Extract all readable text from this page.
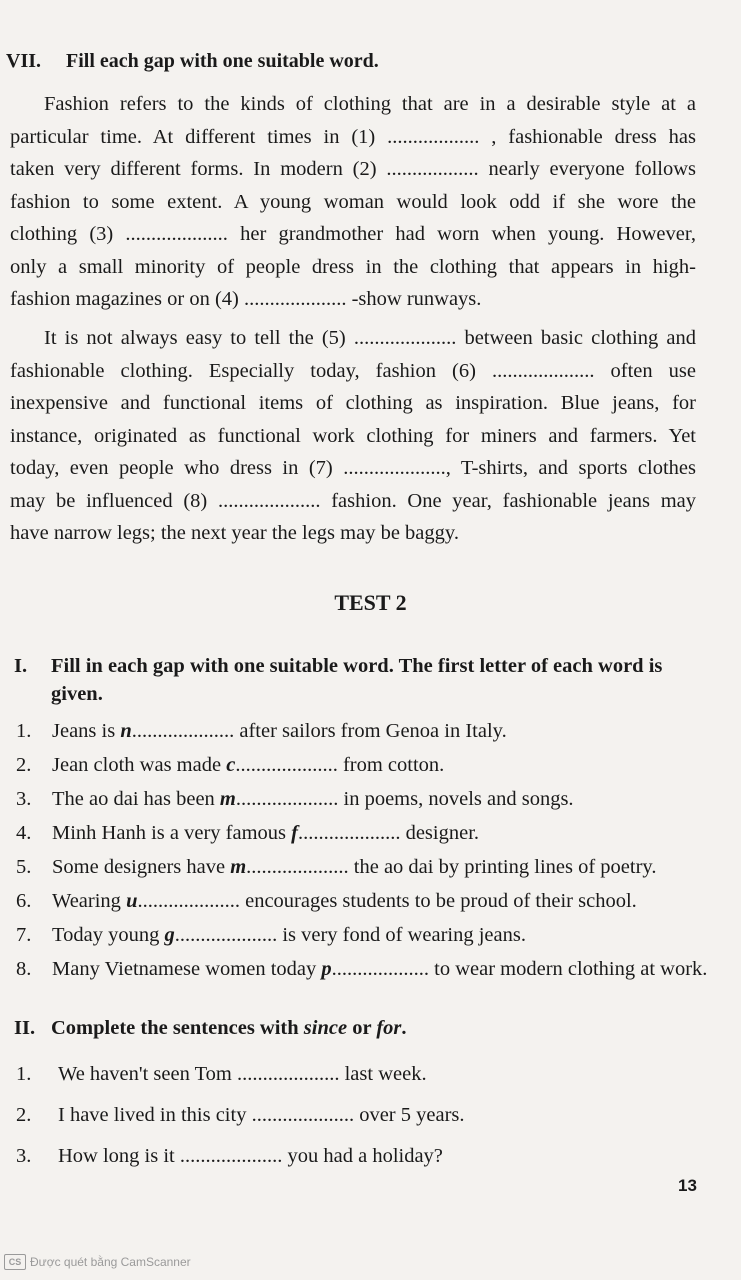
VII. Fill each gap with one suitable word.
Fashion refers to the kinds of clothing that are in a desirable style at a
particular time. At different times in (1) .................. , fashionable dress has
taken very different forms. In modern (2) .................. nearly everyone follows
fashion to some extent. A young woman would look odd if she wore the
clothing (3) .................... her grandmother had worn when young. However,
only a small minority of people dress in the clothing that appears in high-
fashion magazines or on (4) .................... -show runways.
It is not always easy to tell the (5) .................... between basic clothing and
fashionable clothing. Especially today, fashion (6) .................... often use
inexpensive and functional items of clothing as inspiration. Blue jeans, for
instance, originated as functional work clothing for miners and farmers. Yet
today, even people who dress in (7) ...................., T-shirts, and sports clothes
may be influenced (8) .................... fashion. One year, fashionable jeans may
have narrow legs; the next year the legs may be baggy.
TEST 2
I.	Fill in each gap with one suitable word. The first letter of each word is given.
1. Jeans is n.................... after sailors from Genoa in Italy.
2. Jean cloth was made c.................... from cotton.
3. The ao dai has been m.................... in poems, novels and songs.
4. Minh Hanh is a very famous f.................... designer.
5. Some designers have m.................... the ao dai by printing lines of poetry.
6. Wearing u.................... encourages students to be proud of their school.
7. Today young g.................... is very fond of wearing jeans.
8. Many Vietnamese women today p................... to wear modern clothing at work.
II. Complete the sentences with since or for.
1. We haven't seen Tom .................... last week.
2. I have lived in this city .................... over 5 years.
3. How long is it .................... you had a holiday?
13
CS Được quét bằng CamScanner
